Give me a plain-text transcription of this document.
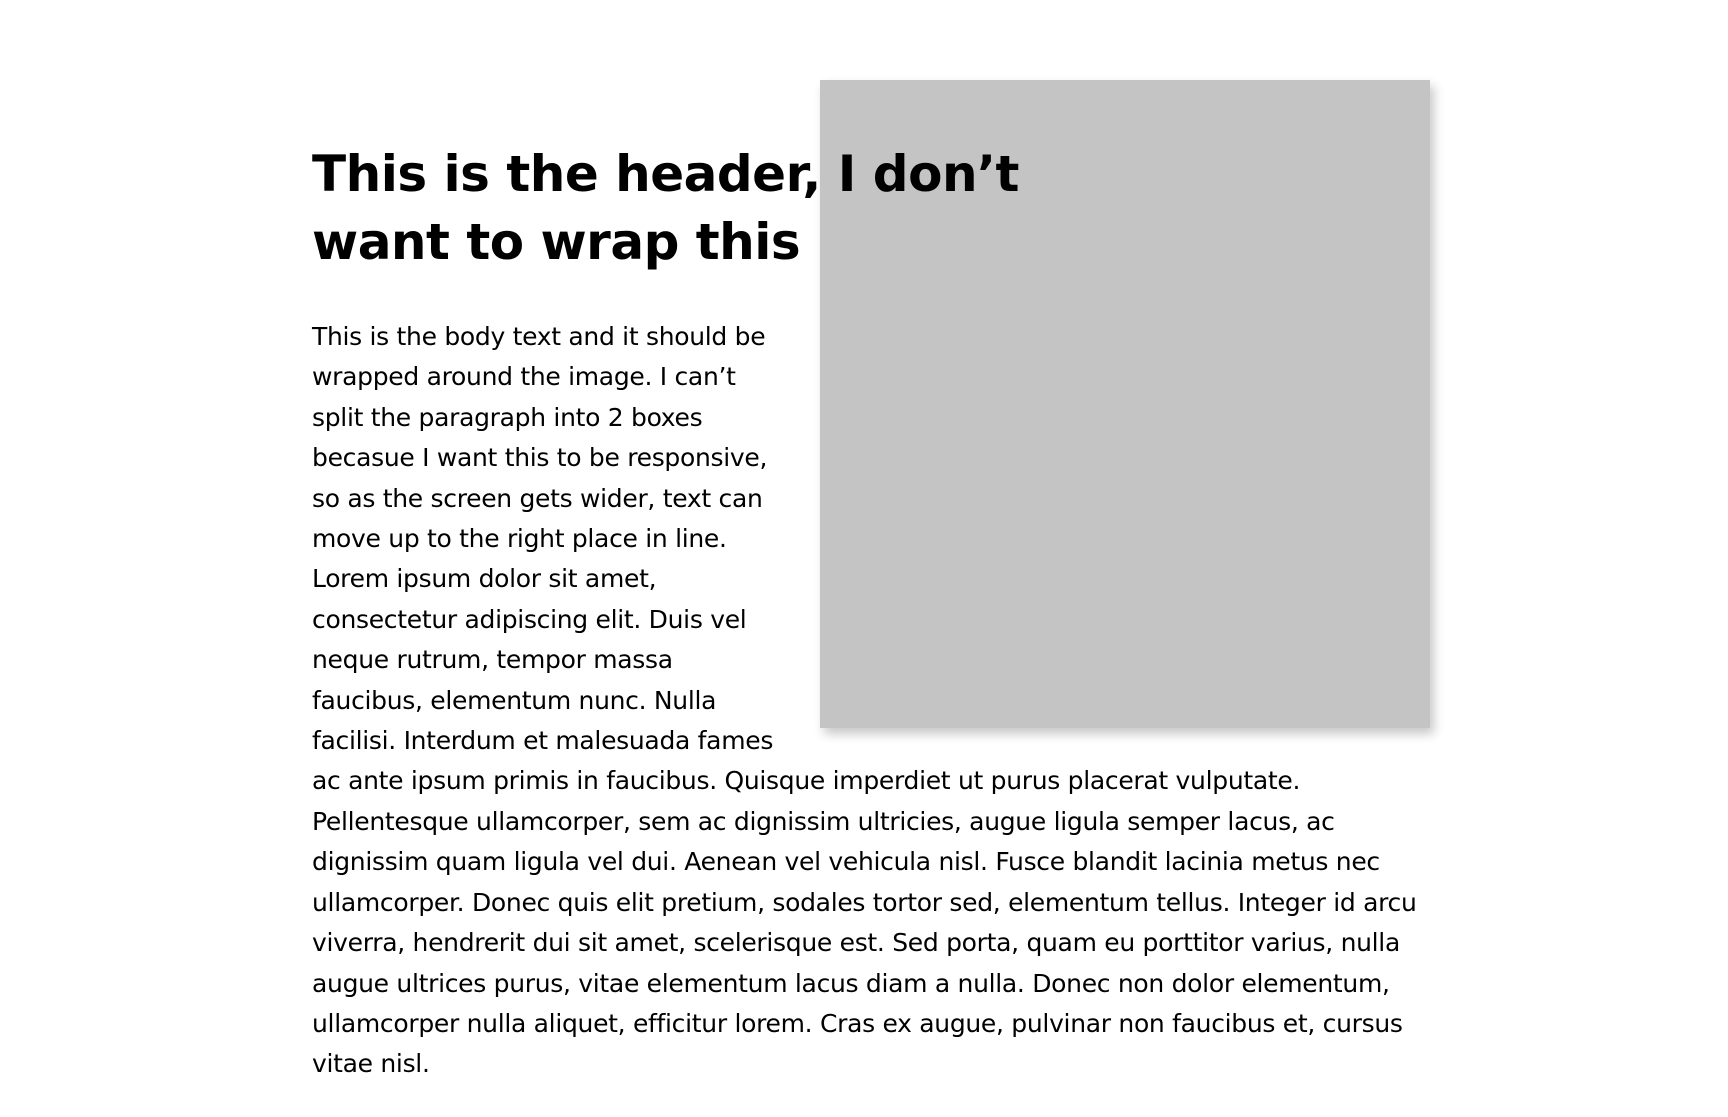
This is the header, I don’t
want to wrap this

This is the body text and it should be wrapped around the image. I can’t split the paragraph into 2 boxes becasue I want this to be responsive, so as the screen gets wider, text can move up to the right place in line.
Lorem ipsum dolor sit amet, consectetur adipiscing elit. Duis vel neque rutrum, tempor massa faucibus, elementum nunc. Nulla facilisi. Interdum et malesuada fames ac ante ipsum primis in faucibus. Quisque imperdiet ut purus placerat vulputate. Pellentesque ullamcorper, sem ac dignissim ultricies, augue ligula semper lacus, ac dignissim quam ligula vel dui. Aenean vel vehicula nisl. Fusce blandit lacinia metus nec ullamcorper. Donec quis elit pretium, sodales tortor sed, elementum tellus. Integer id arcu viverra, hendrerit dui sit amet, scelerisque est. Sed porta, quam eu porttitor varius, nulla augue ultrices purus, vitae elementum lacus diam a nulla. Donec non dolor elementum, ullamcorper nulla aliquet, efficitur lorem. Cras ex augue, pulvinar non faucibus et, cursus vitae nisl.
